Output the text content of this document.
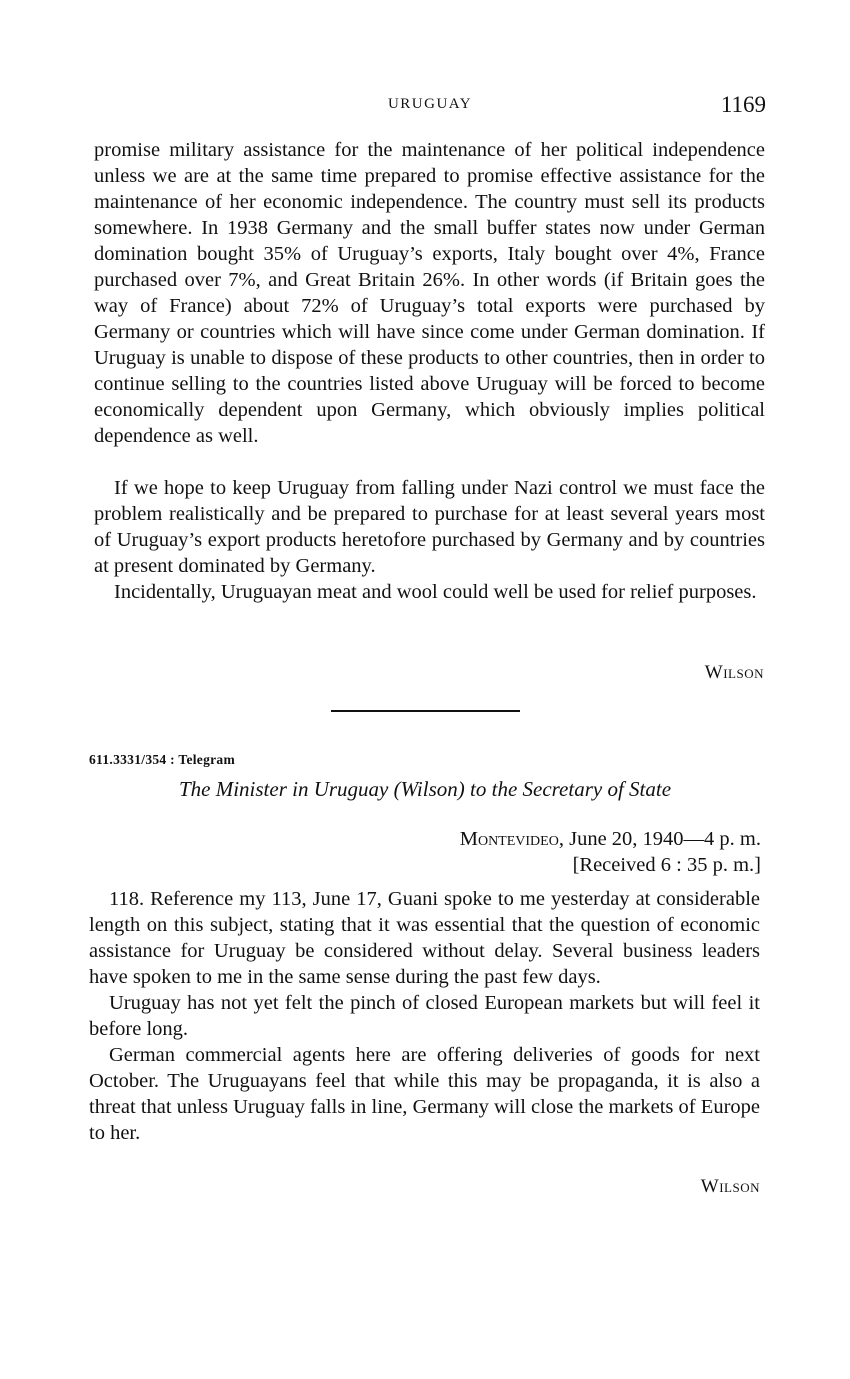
URUGUAY	1169

promise military assistance for the maintenance of her political independence unless we are at the same time prepared to promise effective assistance for the maintenance of her economic independence. The country must sell its products somewhere. In 1938 Germany and the small buffer states now under German domination bought 35% of Uruguay’s exports, Italy bought over 4%, France purchased over 7%, and Great Britain 26%. In other words (if Britain goes the way of France) about 72% of Uruguay’s total exports were purchased by Germany or countries which will have since come under German domination. If Uruguay is unable to dispose of these products to other countries, then in order to continue selling to the countries listed above Uruguay will be forced to become economically dependent upon Germany, which obviously implies political dependence as well.

If we hope to keep Uruguay from falling under Nazi control we must face the problem realistically and be prepared to purchase for at least several years most of Uruguay’s export products heretofore purchased by Germany and by countries at present dominated by Germany.

Incidentally, Uruguayan meat and wool could well be used for relief purposes.

Wilson
611.3331/354 : Telegram
The Minister in Uruguay (Wilson) to the Secretary of State
Montevideo, June 20, 1940—4 p. m.
[Received 6 : 35 p. m.]

118. Reference my 113, June 17, Guani spoke to me yesterday at considerable length on this subject, stating that it was essential that the question of economic assistance for Uruguay be considered without delay. Several business leaders have spoken to me in the same sense during the past few days.

Uruguay has not yet felt the pinch of closed European markets but will feel it before long.

German commercial agents here are offering deliveries of goods for next October. The Uruguayans feel that while this may be propaganda, it is also a threat that unless Uruguay falls in line, Germany will close the markets of Europe to her.

Wilson
